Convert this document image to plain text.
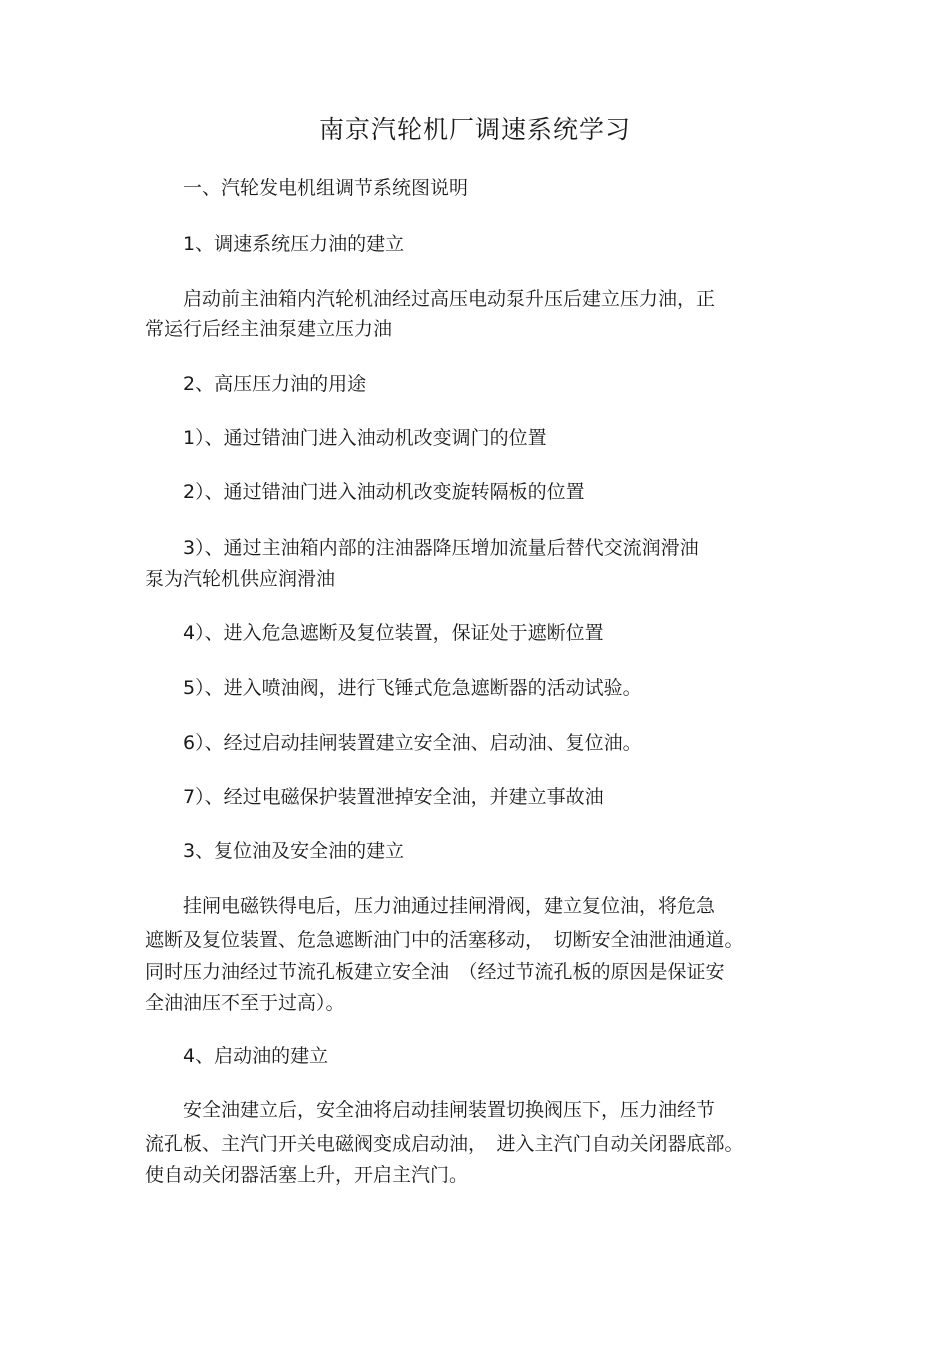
南京汽轮机厂调速系统学习

一、汽轮发电机组调节系统图说明

1、调速系统压力油的建立

启动前主油箱内汽轮机油经过高压电动泵升压后建立压力油，正

常运行后经主油泵建立压力油

2、高压压力油的用途

1）、通过错油门进入油动机改变调门的位置

2）、通过错油门进入油动机改变旋转隔板的位置

3）、通过主油箱内部的注油器降压增加流量后替代交流润滑油

泵为汽轮机供应润滑油

4）、进入危急遮断及复位装置，保证处于遮断位置

5）、进入喷油阀，进行飞锤式危急遮断器的活动试验。

6）、经过启动挂闸装置建立安全油、启动油、复位油。

7）、经过电磁保护装置泄掉安全油，并建立事故油

3、复位油及安全油的建立

挂闸电磁铁得电后，压力油通过挂闸滑阀，建立复位油，将危急

遮断及复位装置、危急遮断油门中的活塞移动，　切断安全油泄油通道。

同时压力油经过节流孔板建立安全油　（经过节流孔板的原因是保证安

全油油压不至于过高）。

4、启动油的建立

安全油建立后，安全油将启动挂闸装置切换阀压下，压力油经节

流孔板、主汽门开关电磁阀变成启动油，　进入主汽门自动关闭器底部。

使自动关闭器活塞上升，开启主汽门。
